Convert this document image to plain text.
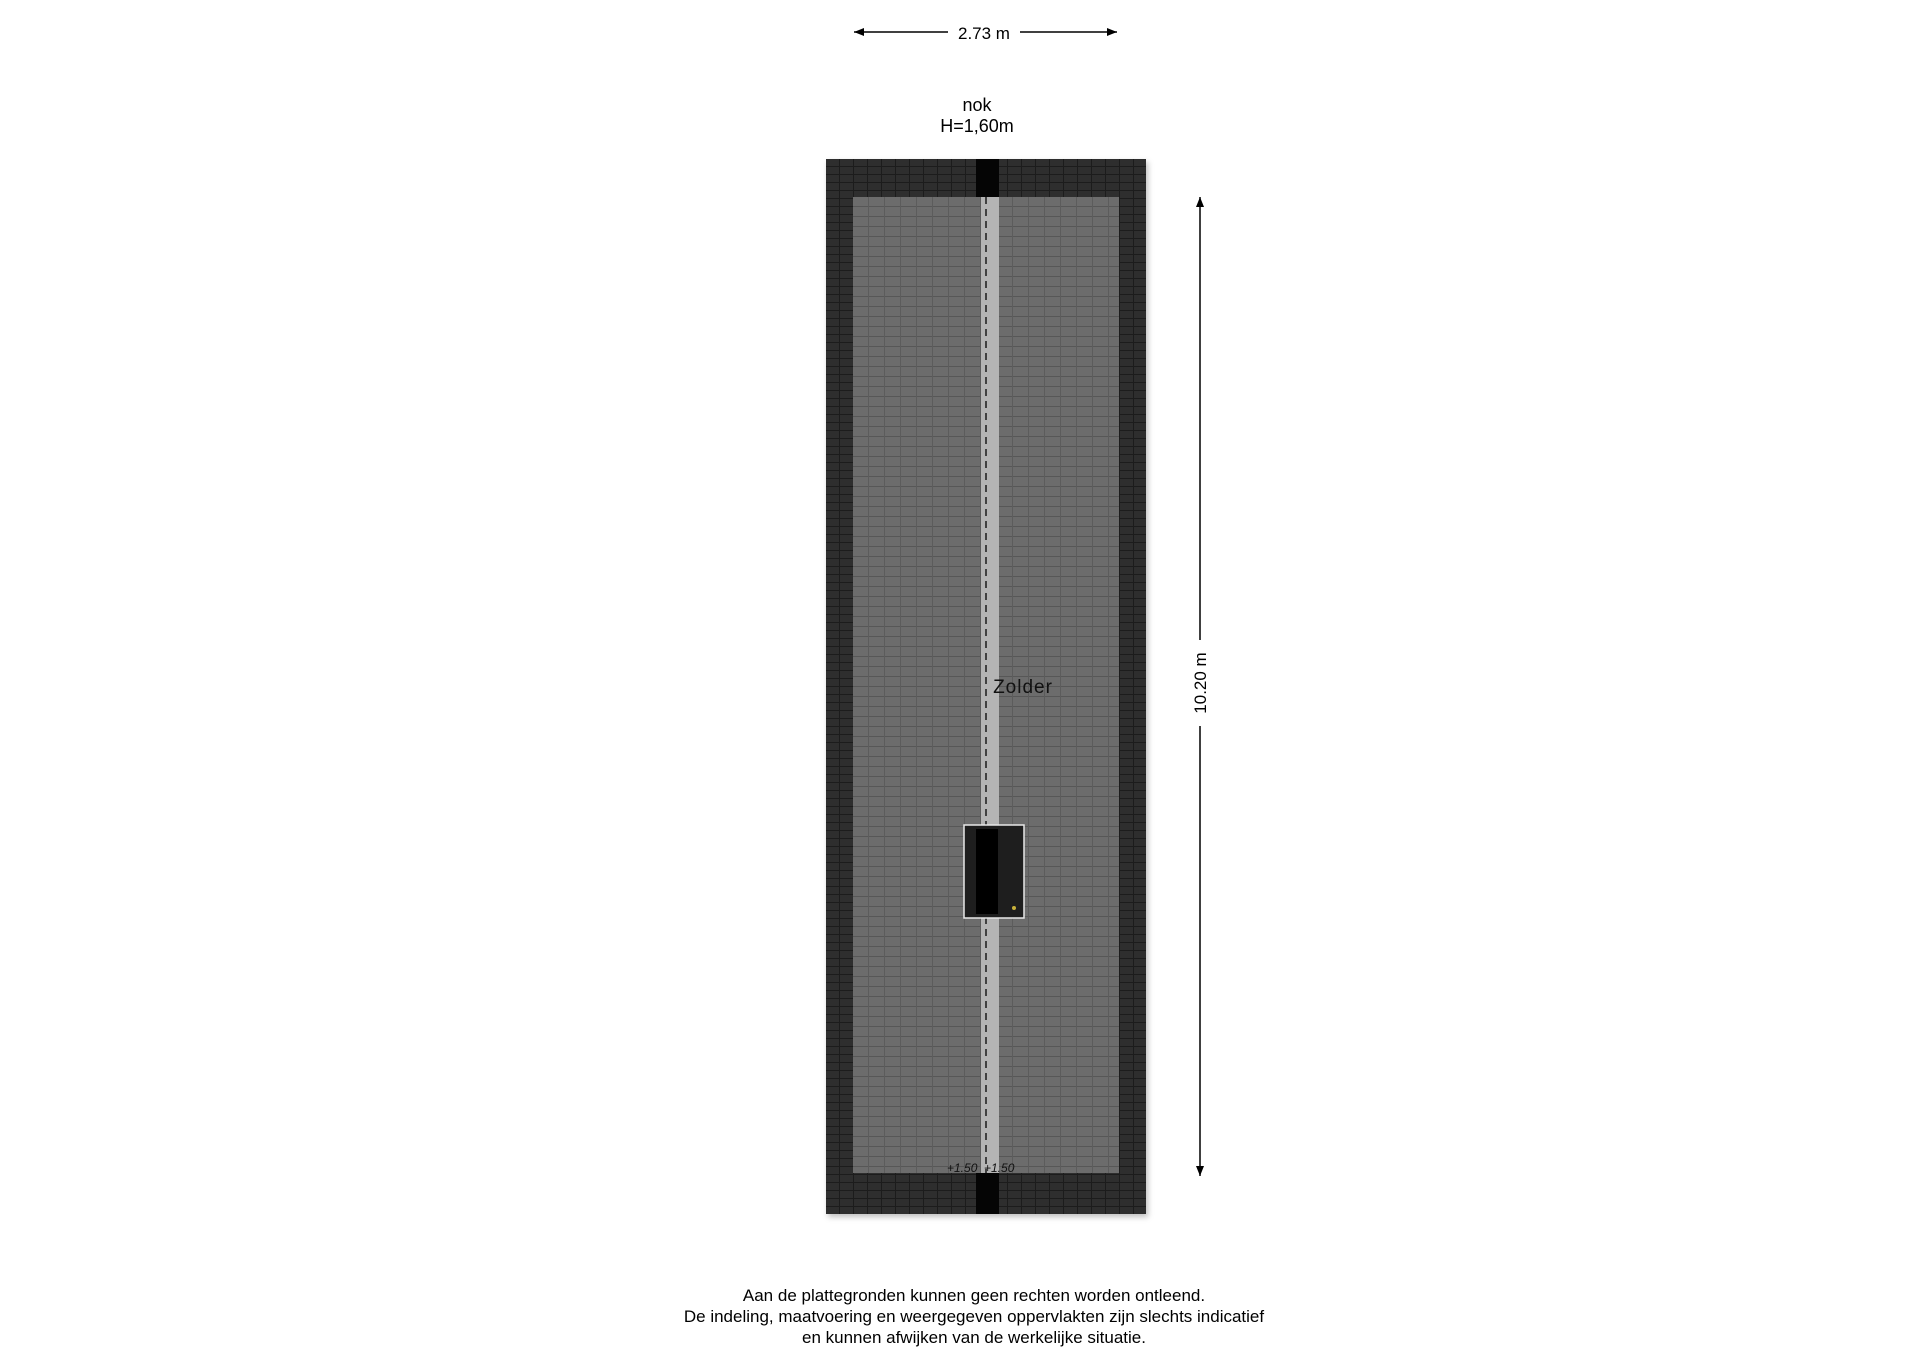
2.73 m
nok
H=1,60m
Zolder
+1.50 +1.50
10.20 m
Aan de plattegronden kunnen geen rechten worden ontleend.
De indeling, maatvoering en weergegeven oppervlakten zijn slechts indicatief
en kunnen afwijken van de werkelijke situatie.
